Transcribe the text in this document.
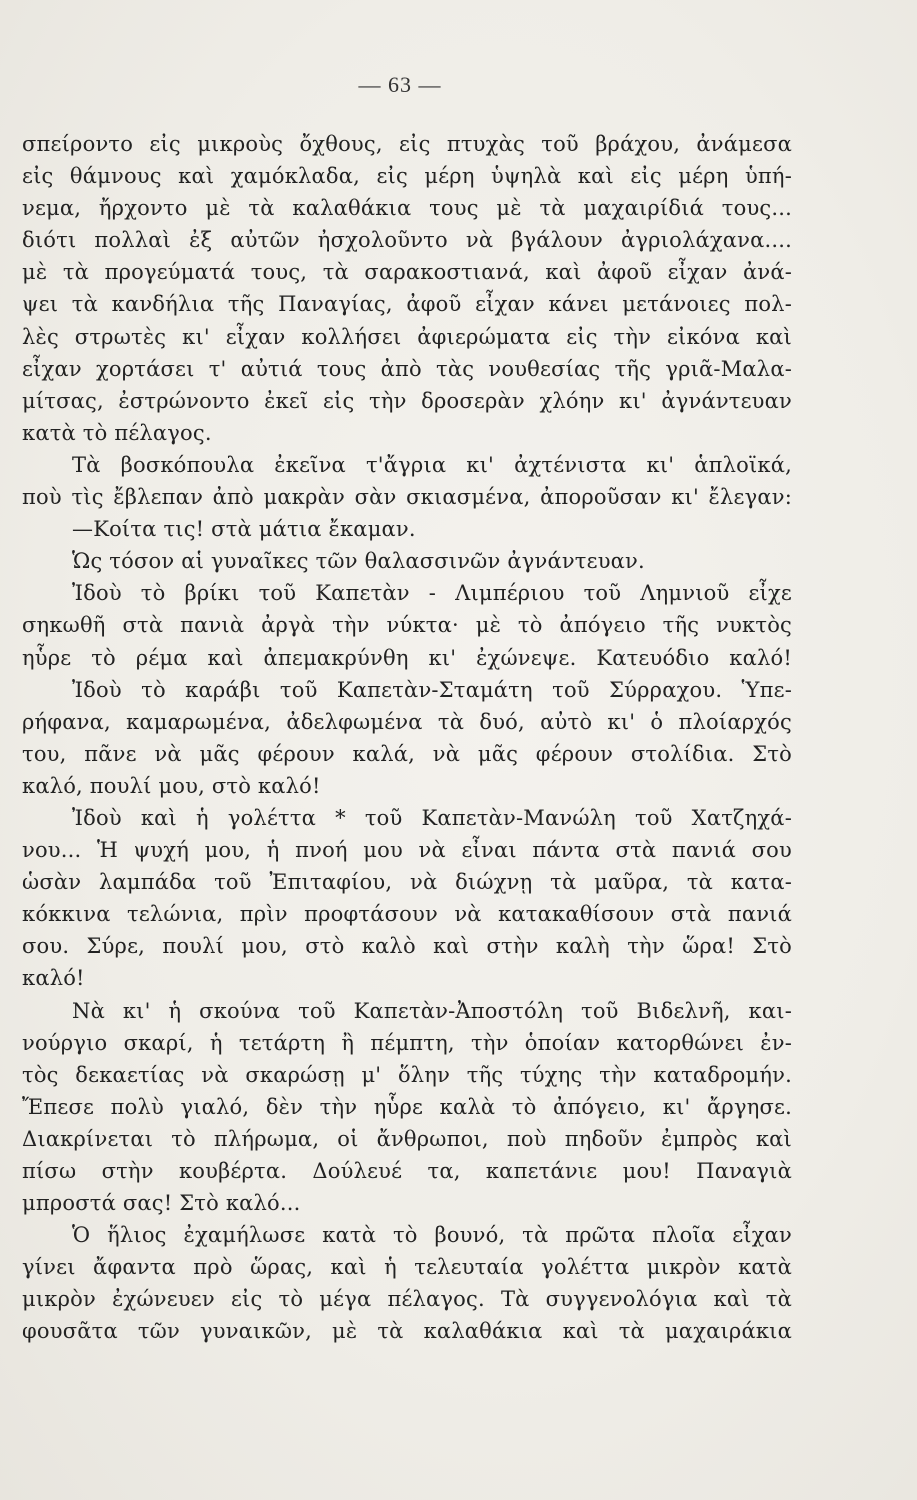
— 63 —
σπείροντο εἰς μικροὺς ὄχθους, εἰς πτυχὰς τοῦ βράχου, ἀνάμεσα
εἰς θάμνους καὶ χαμόκλαδα, εἰς μέρη ὑψηλὰ καὶ εἰς μέρη ὑπή-
νεμα, ἤρχοντο μὲ τὰ καλαθάκια τους μὲ τὰ μαχαιρίδιά τους...
διότι πολλαὶ ἐξ αὐτῶν ἠσχολοῦντο νὰ βγάλουν ἀγριολάχανα....
μὲ τὰ προγεύματά τους, τὰ σαρακοστιανά, καὶ ἀφοῦ εἶχαν ἀνά-
ψει τὰ κανδήλια τῆς Παναγίας, ἀφοῦ εἶχαν κάνει μετάνοιες πολ-
λὲς στρωτὲς κι' εἶχαν κολλήσει ἀφιερώματα εἰς τὴν εἰκόνα καὶ
εἶχαν χορτάσει τ' αὐτιά τους ἀπὸ τὰς νουθεσίας τῆς γριᾶ-Μαλα-
μίτσας, ἐστρώνοντο ἐκεῖ εἰς τὴν δροσερὰν χλόην κι' ἀγνάντευαν
κατὰ τὸ πέλαγος.
Τὰ βοσκόπουλα ἐκεῖνα τ'ἄγρια κι' ἀχτένιστα κι' ἁπλοϊκά,
ποὺ τὶς ἔβλεπαν ἀπὸ μακρὰν σὰν σκιασμένα, ἀποροῦσαν κι' ἔλεγαν:
—Κοίτα τις! στὰ μάτια ἔκαμαν.
Ὡς τόσον αἱ γυναῖκες τῶν θαλασσινῶν ἀγνάντευαν.
Ἰδοὺ τὸ βρίκι τοῦ Καπετὰν - Λιμπέριου τοῦ Λημνιοῦ εἶχε
σηκωθῆ στὰ πανιὰ ἀργὰ τὴν νύκτα· μὲ τὸ ἀπόγειο τῆς νυκτὸς
ηὗρε τὸ ρέμα καὶ ἀπεμακρύνθη κι' ἐχώνεψε. Κατευόδιο καλό!
Ἰδοὺ τὸ καράβι τοῦ Καπετὰν-Σταμάτη τοῦ Σύρραχου. Ὑπε-
ρήφανα, καμαρωμένα, ἀδελφωμένα τὰ δυό, αὐτὸ κι' ὁ πλοίαρχός
του, πᾶνε νὰ μᾶς φέρουν καλά, νὰ μᾶς φέρουν στολίδια. Στὸ
καλό, πουλί μου, στὸ καλό!
Ἰδοὺ καὶ ἡ γολέττα * τοῦ Καπετὰν-Μανώλη τοῦ Χατζηχά-
νου... Ἡ ψυχή μου, ἡ πνοή μου νὰ εἶναι πάντα στὰ πανιά σου
ὡσὰν λαμπάδα τοῦ Ἐπιταφίου, νὰ διώχνῃ τὰ μαῦρα, τὰ κατα-
κόκκινα τελώνια, πρὶν προφτάσουν νὰ κατακαθίσουν στὰ πανιά
σου. Σύρε, πουλί μου, στὸ καλὸ καὶ στὴν καλὴ τὴν ὥρα! Στὸ
καλό!
Νὰ κι' ἡ σκούνα τοῦ Καπετὰν-Ἀποστόλη τοῦ Βιδελνῆ, και-
νούργιο σκαρί, ἡ τετάρτη ἢ πέμπτη, τὴν ὁποίαν κατορθώνει ἐν-
τὸς δεκαετίας νὰ σκαρώσῃ μ' ὅλην τῆς τύχης τὴν καταδρομήν.
Ἔπεσε πολὺ γιαλό, δὲν τὴν ηὗρε καλὰ τὸ ἀπόγειο, κι' ἄργησε.
Διακρίνεται τὸ πλήρωμα, οἱ ἄνθρωποι, ποὺ πηδοῦν ἐμπρὸς καὶ
πίσω στὴν κουβέρτα. Δούλευέ τα, καπετάνιε μου! Παναγιὰ
μπροστά σας! Στὸ καλό...
Ὁ ἥλιος ἐχαμήλωσε κατὰ τὸ βουνό, τὰ πρῶτα πλοῖα εἶχαν
γίνει ἄφαντα πρὸ ὥρας, καὶ ἡ τελευταία γολέττα μικρὸν κατὰ
μικρὸν ἐχώνευεν εἰς τὸ μέγα πέλαγος. Τὰ συγγενολόγια καὶ τὰ
φουσᾶτα τῶν γυναικῶν, μὲ τὰ καλαθάκια καὶ τὰ μαχαιράκια
